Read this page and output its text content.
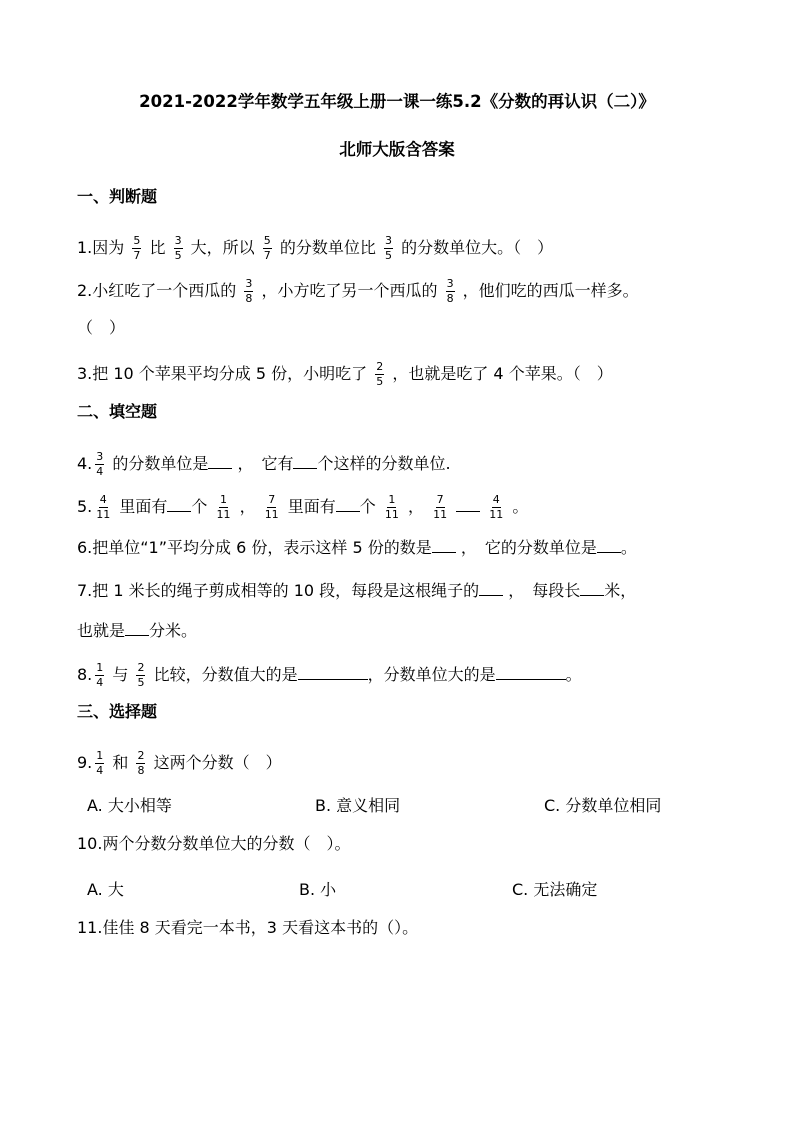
2021-2022学年数学五年级上册一课一练5.2《分数的再认识（二）》
北师大版含答案
一、判断题
1.因为 $\frac{5}{7}$ 比 $\frac{3}{5}$ 大，所以 $\frac{5}{7}$ 的分数单位比 $\frac{3}{5}$ 的分数单位大。（　）
2.小红吃了一个西瓜的 $\frac{3}{8}$ ，小方吃了另一个西瓜的 $\frac{3}{8}$ ，他们吃的西瓜一样多。
（　）
3.把 10 个苹果平均分成 5 份，小明吃了 $\frac{2}{5}$ ，也就是吃了 4 个苹果。（　）
二、填空题
4. $\frac{3}{4}$ 的分数单位是 ，　它有 个这样的分数单位.
5. $\frac{4}{11}$ 里面有 个 $\frac{1}{11}$ ， $\frac{7}{11}$ 里面有 个 $\frac{1}{11}$ ， $\frac{7}{11}$
	$\frac{4}{11}$ 。
6.把单位“1”平均分成 6 份，表示这样 5 份的数是 ，　它的分数单位是 。
7.把 1 米长的绳子剪成相等的 10 段，每段是这根绳子的 ，　每段长 米，
也就是 分米。
8. $\frac{1}{4}$ 与 $\frac{2}{5}$ 比较，分数值大的是	，分数单位大的是	。
三、选择题
9. $\frac{1}{4}$ 和 $\frac{2}{8}$ 这两个分数（　）
A. 大小相等	B. 意义相同	C. 分数单位相同
10.两个分数分数单位大的分数（　）。
A. 大	B. 小	C. 无法确定
11.佳佳 8 天看完一本书，3 天看这本书的（）。
